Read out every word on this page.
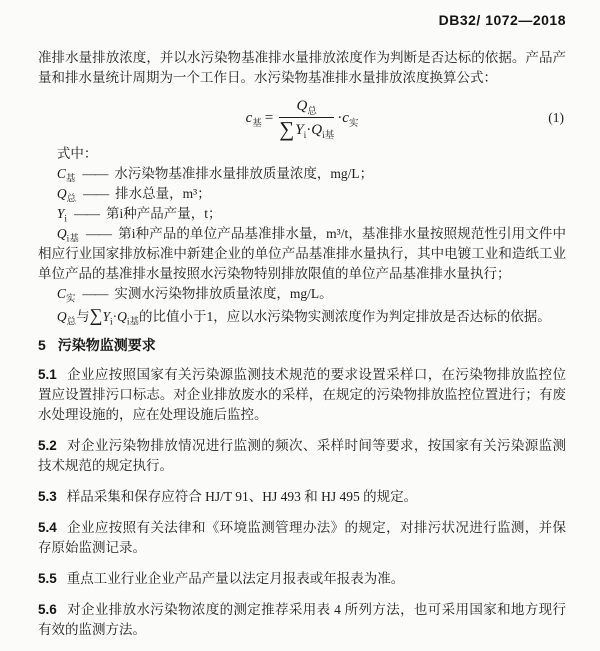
DB32/ 1072—2018

准排水量排放浓度，并以水污染物基准排水量排放浓度作为判断是否达标的依据。产品产量和排水量统计周期为一个工作日。水污染物基准排水量排放浓度换算公式：

$c_基 = \frac{Q_总}{\sum Y_i\cdot Q_{i基}} \cdot c_实$	(1)

式中：

$C_基$ —— 水污染物基准排水量排放质量浓度，mg/L；

$Q_总$ —— 排水总量，m³；

$Y_i$ —— 第i种产品产量，t；

$Q_{i基}$ —— 第i种产品的单位产品基准排水量，m³/t，基准排水量按照规范性引用文件中相应行业国家排放标准中新建企业的单位产品基准排水量执行，其中电镀工业和造纸工业单位产品的基准排水量按照水污染物特别排放限值的单位产品基准排水量执行；

$C_实$ —— 实测水污染物排放质量浓度，mg/L。

$Q_总$与$\sum Y_i\cdot Q_{i基}$的比值小于1，应以水污染物实测浓度作为判定排放是否达标的依据。

5 污染物监测要求

5.1 企业应按照国家有关污染源监测技术规范的要求设置采样口，在污染物排放监控位置应设置排污口标志。对企业排放废水的采样，在规定的污染物排放监控位置进行；有废水处理设施的，应在处理设施后监控。

5.2 对企业污染物排放情况进行监测的频次、采样时间等要求，按国家有关污染源监测技术规范的规定执行。

5.3 样品采集和保存应符合 HJ/T 91、HJ 493 和 HJ 495 的规定。

5.4 企业应按照有关法律和《环境监测管理办法》的规定，对排污状况进行监测，并保存原始监测记录。

5.5 重点工业行业企业产品产量以法定月报表或年报表为准。

5.6 对企业排放水污染物浓度的测定推荐采用表 4 所列方法，也可采用国家和地方现行有效的监测方法。
